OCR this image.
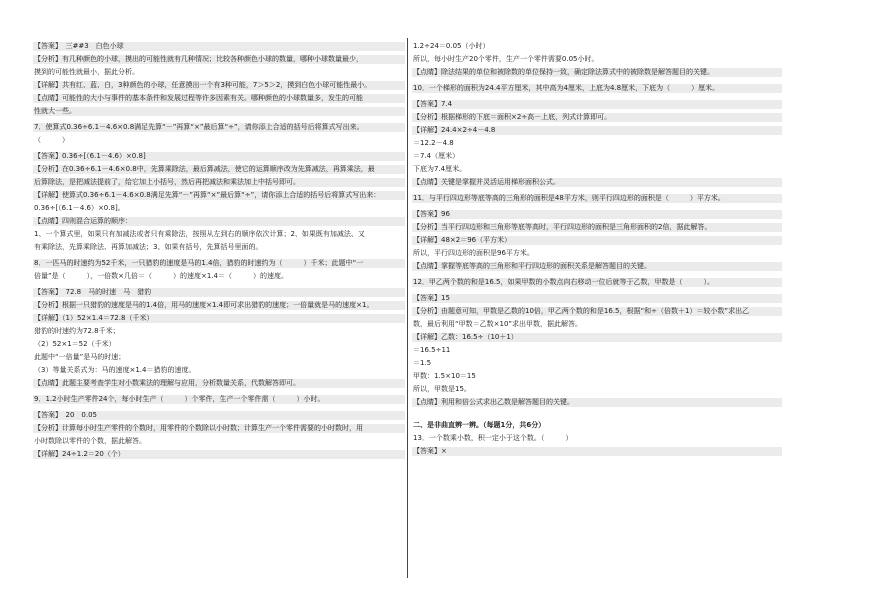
【答案】　三##3　白色小球
【分析】有几种颜色的小球，摸出的可能性就有几种情况；比较各种颜色小球的数量，哪种小球数量最少，
摸到的可能性就最小，据此分析。
【详解】共有红、蓝、白，3种颜色的小球，任意摸出一个有3种可能，7＞5＞2，摸到白色小球可能性最小。
【点睛】可能性的大小与事件的基本条件和发展过程等许多因素有关。哪种颜色的小球数量多，发生的可能
性就大一些。
7．使算式0.36÷6.1－4.6×0.8满足先算“－”再算“×”最后算“÷”，请你添上合适的括号后将算式写出来。
（　　　）
【答案】0.36÷[（6.1－4.6）×0.8]
【分析】在0.36÷6.1－4.6×0.8中，先算乘除法，最后算减法，使它的运算顺序改为先算减法，再算乘法，最
后算除法，是把减法提前了，给它加上小括号，然后再把减法和乘法加上中括号即可。
【详解】使算式0.36÷6.1－4.6×0.8满足先算“－”再算“×”最后算“÷”，请你添上合适的括号后将算式写出来：
0.36÷[（6.1－4.6）×0.8]。
【点睛】四则混合运算的顺序：
1、一个算式里，如果只有加减法或者只有乘除法，按照从左到右的顺序依次计算；2、如果既有加减法、又
有乘除法，先算乘除法、再算加减法；3、如果有括号，先算括号里面的。
8．一匹马的时速约为52千米，一只猎豹的速度是马的1.4倍，猎豹的时速约为（　　　）千米；此题中“一
倍量”是（　　　），一倍数×几倍＝（　　　）的速度×1.4＝（　　　）的速度。
【答案】　72.8　马的时速　马　猎豹
【分析】根据一只猎豹的速度是马的1.4倍，用马的速度×1.4即可求出猎豹的速度；一倍量就是马的速度×1。
【详解】（1）52×1.4＝72.8（千米）
猎豹的时速约为72.8千米；
（2）52×1＝52（千米）
此题中“一倍量”是马的时速；
（3）等量关系式为：马的速度×1.4＝猎豹的速度。
【点睛】此题主要考查学生对小数乘法的理解与应用，分析数量关系，代数解答即可。
9．1.2小时生产零件24个，每小时生产（　　　）个零件，生产一个零件需（　　　）小时。
【答案】　20　0.05
【分析】计算每小时生产零件的个数时，用零件的个数除以小时数；计算生产一个零件需要的小时数时，用
小时数除以零件的个数，据此解答。
【详解】24÷1.2＝20（个）
1.2÷24＝0.05（小时）
所以，每小时生产20个零件，生产一个零件需要0.05小时。
【点睛】除法结果的单位和被除数的单位保持一致，确定除法算式中的被除数是解答题目的关键。
10．一个梯形的面积为24.4平方厘米，其中高为4厘米，上底为4.8厘米，下底为（　　　）厘米。
【答案】7.4
【分析】根据梯形的下底＝面积×2÷高－上底，列式计算即可。
【详解】24.4×2÷4－4.8
＝12.2－4.8
＝7.4（厘米）
下底为7.4厘米。
【点睛】关键是掌握并灵活运用梯形面积公式。
11．与平行四边形等底等高的三角形的面积是48平方米，则平行四边形的面积是（　　　）平方米。
【答案】96
【分析】当平行四边形和三角形等底等高时，平行四边形的面积是三角形面积的2倍，据此解答。
【详解】48×2＝96（平方米）
所以，平行四边形的面积是96平方米。
【点睛】掌握等底等高的三角形和平行四边形的面积关系是解答题目的关键。
12．甲乙两个数的和是16.5，如果甲数的小数点向右移动一位后就等于乙数，甲数是（　　　）。
【答案】15
【分析】由题意可知，甲数是乙数的10倍，甲乙两个数的和是16.5，根据“和÷（倍数＋1）＝较小数”求出乙
数，最后利用“甲数＝乙数×10”求出甲数，据此解答。
【详解】乙数：16.5÷（10＋1）
＝16.5÷11
＝1.5
甲数：1.5×10＝15
所以，甲数是15。
【点睛】利用和倍公式求出乙数是解答题目的关键。
二、是非曲直辨一辨。（每题1分，共6分）
13．一个数乘小数，积一定小于这个数。（　　　）
【答案】×
